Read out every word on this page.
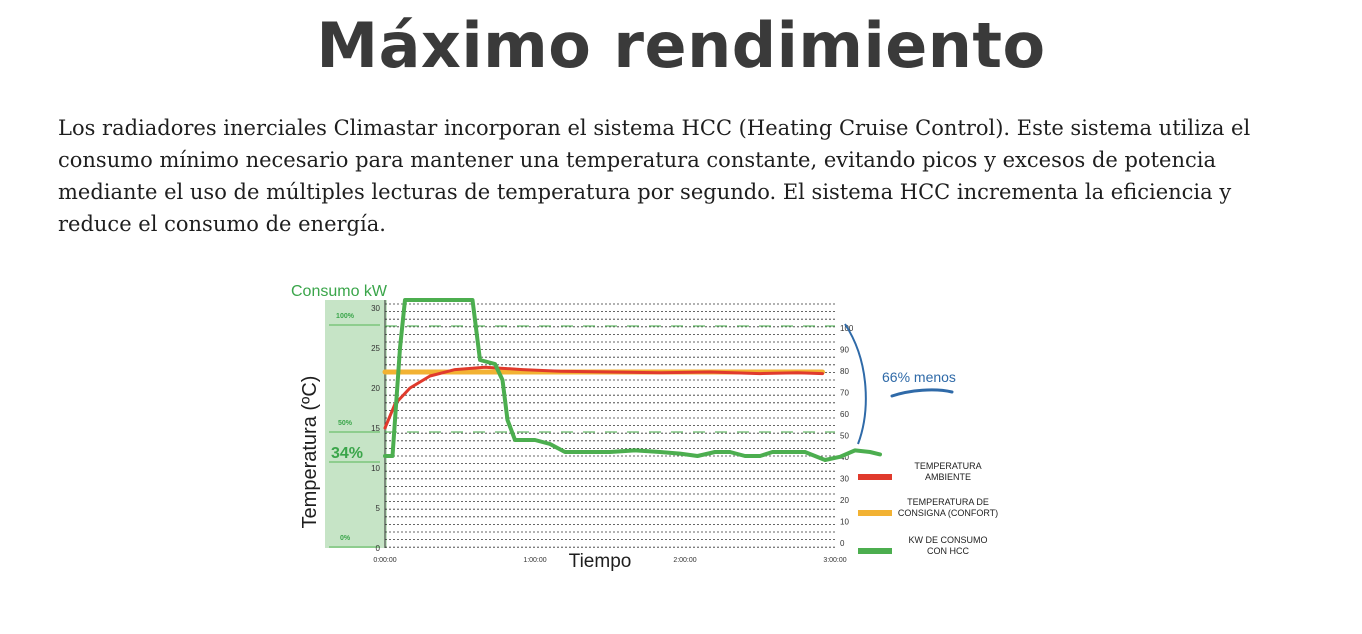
Máximo rendimiento

Los radiadores inerciales Climastar incorporan el sistema HCC (Heating Cruise Control). Este sistema utiliza el consumo mínimo necesario para mantener una temperatura constante, evitando picos y excesos de potencia mediante el uso de múltiples lecturas de temperatura por segundo. El sistema HCC incrementa la eficiencia y reduce el consumo de energía.

Consumo kW
Temperatura (ºC)
30
25
20
15
10
5
0
100
90
80
70
60
50
40
30
20
10
0
0:00:00	1:00:00	2:00:00	3:00:00
100%
50%
0%
34%
Tiempo
66% menos
TEMPERATURA AMBIENTE
TEMPERATURA DE CONSIGNA (CONFORT)
KW DE CONSUMO CON HCC
